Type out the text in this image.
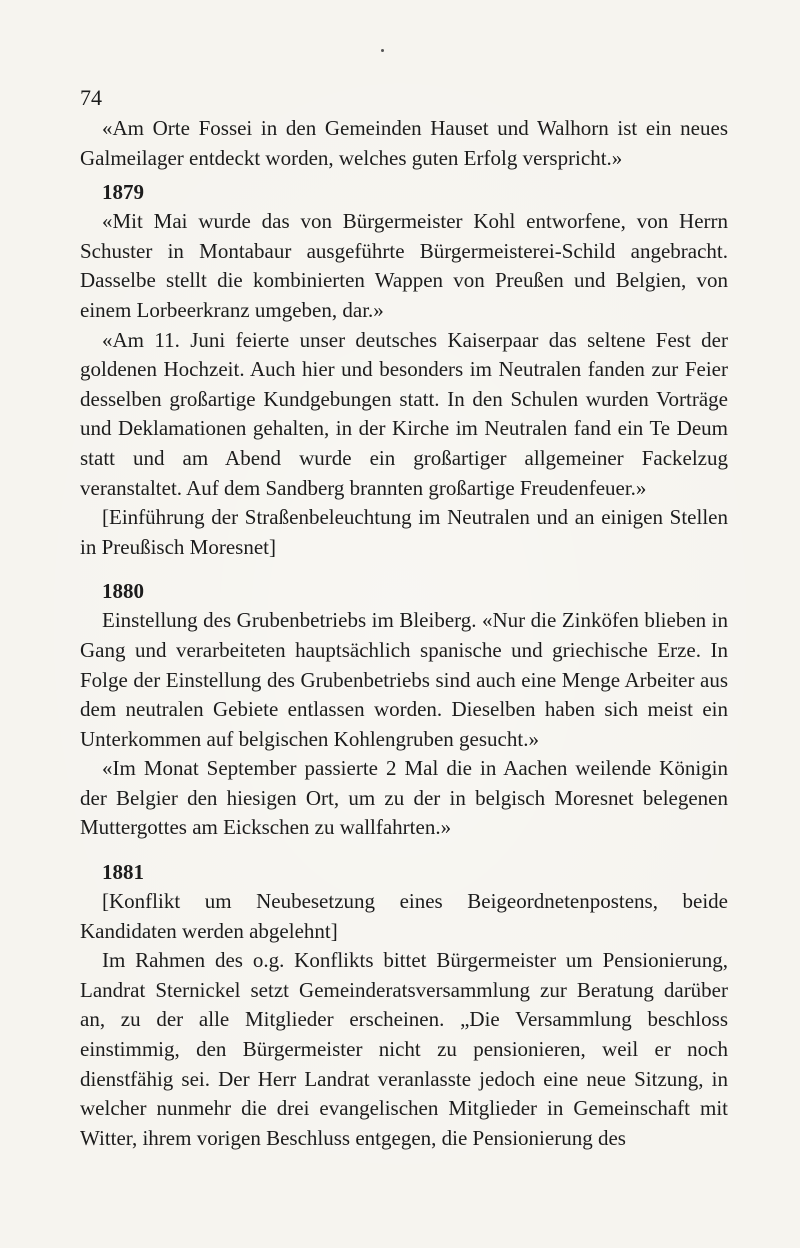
74

«Am Orte Fossei in den Gemeinden Hauset und Walhorn ist ein neues Galmeilager entdeckt worden, welches guten Erfolg verspricht.»

1879

«Mit Mai wurde das von Bürgermeister Kohl entworfene, von Herrn Schuster in Montabaur ausgeführte Bürgermeisterei-Schild angebracht. Dasselbe stellt die kombinierten Wappen von Preußen und Belgien, von einem Lorbeerkranz umgeben, dar.»

«Am 11. Juni feierte unser deutsches Kaiserpaar das seltene Fest der goldenen Hochzeit. Auch hier und besonders im Neutralen fanden zur Feier desselben großartige Kundgebungen statt. In den Schulen wurden Vorträge und Deklamationen gehalten, in der Kirche im Neutralen fand ein Te Deum statt und am Abend wurde ein großartiger allgemeiner Fackelzug veranstaltet. Auf dem Sandberg brannten großartige Freudenfeuer.»

[Einführung der Straßenbeleuchtung im Neutralen und an einigen Stellen in Preußisch Moresnet]

1880

Einstellung des Grubenbetriebs im Bleiberg. «Nur die Zinköfen blieben in Gang und verarbeiteten hauptsächlich spanische und griechische Erze. In Folge der Einstellung des Grubenbetriebs sind auch eine Menge Arbeiter aus dem neutralen Gebiete entlassen worden. Dieselben haben sich meist ein Unterkommen auf belgischen Kohlengruben gesucht.»

«Im Monat September passierte 2 Mal die in Aachen weilende Königin der Belgier den hiesigen Ort, um zu der in belgisch Moresnet belegenen Muttergottes am Eickschen zu wallfahrten.»

1881

[Konflikt um Neubesetzung eines Beigeordnetenpostens, beide Kandidaten werden abgelehnt]

Im Rahmen des o.g. Konflikts bittet Bürgermeister um Pensionierung, Landrat Sternickel setzt Gemeinderatsversammlung zur Beratung darüber an, zu der alle Mitglieder erscheinen. „Die Versammlung beschloss einstimmig, den Bürgermeister nicht zu pensionieren, weil er noch dienstfähig sei. Der Herr Landrat veranlasste jedoch eine neue Sitzung, in welcher nunmehr die drei evangelischen Mitglieder in Gemeinschaft mit Witter, ihrem vorigen Beschluss entgegen, die Pensionierung des
